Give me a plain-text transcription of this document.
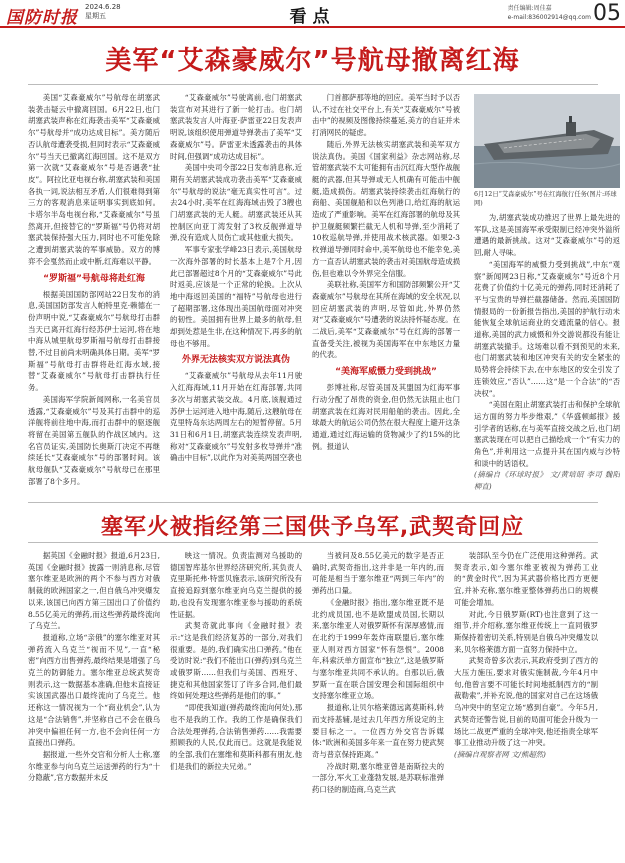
国防时报
2024.6.28
星期五	看点	责任编辑:周佳嘉
e-mail:836002914@qq.com 05
美军“艾森豪威尔”号航母撤离红海

美国“艾森豪威尔”号航母在胡塞武装袭击疑云中撤离回国。6月22日,也门胡塞武装声称在红海袭击美军“艾森豪威尔”号航母并“成功达成目标”。美方随后否认航母遭袭受损,但同时表示“艾森豪威尔”号当天已撤离红海回国。这不是双方第一次就“艾森豪威尔”号是否遇袭“扯皮”。阿拉比亚电视台称,胡塞武装和美国各执一词,说法相互矛盾,人们很难得到第三方的客观消息来证明事实到底如何。卡塔尔半岛电视台称,“艾森豪威尔”号虽然离开,但接替它的“罗斯福”号仍将对胡塞武装保持强大压力,同时也不可能免除之遭到胡塞武装的军事威胁。双方的博弈不会戛然而止或中断,红海难以平静。

“罗斯福”号航母将赴红海

根据美国国防部网站22日发布的消息,美国国防部发言人帕特里克·赖德在一份声明中说,“艾森豪威尔”号航母打击群当天已离开红海行经苏伊士运河,将在地中海从城里航母罗斯福号航母打击群接替,不过目前尚未明确具体日期。美军“罗斯福”号航母打击群将赴红海水域,接替“艾森豪威尔”号航母打击群执行任务。

美国海军学院新闻网称,一名美官员透露,“艾森豪威尔”号及其打击群中的巡洋舰将前往地中海,而打击群中的驱逐舰将留在美国第五舰队的作战区域内。这名官员证实,美国防长奥斯汀决定不再继续延长“艾森豪威尔”号的部署时间。该航母舰队“艾森豪威尔”号航母已在那里部署了8个多月。

“艾森豪威尔”号驶离前,也门胡塞武装宣布对其进行了新一轮打击。也门胡塞武装发言人叶海亚·萨雷亚22日发表声明说,该组织使用弹道导弹袭击了美军“艾森豪威尔”号。萨雷亚未透露袭击的具体时间,但强调“成功达成目标”。

美国中央司令部22日发布消息称,近期有关胡塞武装成功袭击美军“艾森豪威尔”号航母的说法“毫无真实性可言”。过去24小时,美军在红海海域击毁了3艘也门胡塞武装的无人艇。胡塞武装还从其控制区向亚丁湾发射了3枚反舰弹道导弹,没有造成人员伤亡或其他重大损失。

军事专家张学峰23日表示,美国航母一次海外部署的时长基本上是7个月,因此已部署超过8个月的“艾森豪威尔”号此时返美,应该是一个正常的轮换。上次从地中海返回美国的“福特”号航母也进行了超期部署,这体现出美国航母面对冲突的韧性。美国拥有世界上最多的航母,但却到处惹是生非,在这种情况下,再多的航母也不够用。

外界无法核实双方说法真伪

“艾森豪威尔”号航母从去年11月驶入红海海域,11月开始在红海部署,共同多次与胡塞武装交战。4月底,该舰通过苏伊士运河进入地中海,随后,这艘航母在克里特岛东达两周左右的短暂停留。5月31日和6月1日,胡塞武装连续发表声明,称对“艾森豪威尔”号发射多枚导弹并“准确击中目标”,以此作为对美英两国空袭也

门首都萨那等地的回应。美军当时予以否认,不过在社交平台上,有关“艾森豪威尔”号被击中”的视频及图像持续蔓延,美方的自证并未打消网民的疑虑。

随后,外界无法核实胡塞武装和美军双方说法真伪。美国《国家利益》杂志网站称,尽管胡塞武装不太可能拥有击沉红海大型作战舰艇的武器,但其导弹或无人机确有可能击中舰艇,造成损伤。胡塞武装持续袭击红海航行的商船、美国舰船和以色列港口,给红海的航运造成了严重影响。美军在红海部署的航母及其护卫舰艇频繁拦截无人机和导弹,至少消耗了10枚巡航导弹,并使用战术核武器。如果2-3枚弹道导弹同时命中,美军航母也不能幸免,美方一直否认胡塞武装的袭击对美国航母造成损伤,但也难以令外界完全信服。

美联社称,美国军方和国防部频繁公开“艾森豪威尔”号航母在其所在海域的安全状况,以回应胡塞武装的声明,尽管如此,外界仍然对“艾森豪威尔”号遭袭的说法持怀疑态度。在二战后,美军“艾森豪威尔”号在红海的部署一直备受关注,被视为美国海军在中东地区力量的代表。

“美海军威慑力受到挑战”

彭博社称,尽管美国及其盟国为红海军事行动分配了昂贵的资金,但仍然无法阻止也门胡塞武装在红海对民用船舶的袭击。因此,全球最大的航运公司仍然在很大程度上避开这条通道,通过红海运输的货物减少了约15%的比例。报道认

为,胡塞武装成功推迟了世界上最先进的军队,这是美国海军承受限制已经冲突外溢所遭遇的最新挑战。这对“艾森豪威尔”号的返回,耐人寻味。

“美国海军的威慑力受到挑战”,中东“观察”新闻网23日称,“艾森豪威尔”号近8个月花费了价值约十亿美元的弹药,同时还消耗了平与宝贵的导弹拦截器储备。然而,美国国防情报局的一份新报告指出,美国的护航行动未能恢复全球航运商业的交通流量的信心。报道称,美国的武力威慑和外交游说都没有能让胡塞武装撤手。这场难以看不到预见的未来,也门胡塞武装和地区冲突有关的安全紧张的局势将会持续下去,在中东地区的安全引发了连锁效应,“否认”……这“是一个合法”的“否决权”。

“美国在阻止胡塞武装打击和保护全球航运方面的努力毕步维艰,”《华盛顿邮报》援引学者的话称,在与美军直接交战之后,也门胡塞武装现在可以把自己描绘成一个“有实力的角色”,并利用这一点提升其在国内威与沙特和谈中的话语权。

(摘编自《环球时报》 文/黄培昭 李司 魏阳 柳直)

6月12日“艾森豪威尔”号在红海航行任务(图片:环球网)
塞军火被指经第三国供予乌军,武契奇回应

据英国《金融时报》报道,6月23日,英国《金融时报》披露一则消息称,尽管塞尔维亚是欧洲的两个不参与西方对俄制裁的欧洲国家之一,但自俄乌冲突爆发以来,该国已向西方第三国出口了价值约8.55亿美元的弹药,而这些弹药最终流向了乌克兰。

报道称,立场“亲俄”的塞尔维亚对其弹药流入乌克兰“视而不见”,一直“秘密”向西方出售弹药,最终结果是增强了乌克兰的防御能力。塞尔维亚总统武契奇则表示,这一数据基本准确,但他未直接证实该国武器出口最终流向了乌克兰。他还称这一情况视为一个“商业机会”,认为这是“合法销售”,并坚称自己不会在俄乌冲突中偏袒任何一方,也不会向任何一方直接出口弹药。

据报道,一些外交官和分析人士称,塞尔维亚参与向乌克兰运送弹药的行为“十分隐蔽”,官方数据并未反

映这一情况。负责监测对乌援助的德国智库基尔世界经济研究所,其负责人克里斯托弗·特雷贝施表示,该研究所没有直接追踪到塞尔维亚向乌克兰提供的援助,也没有发现塞尔维亚参与援助的系统性证据。

武契奇就此事向《金融时报》表示:“这是我们经济复苏的一部分,对我们很重要。是的,我们确实出口弹药。”他在受访时说:“我们不能出口(弹药)到乌克兰或俄罗斯……但我们与美国、西班牙、捷克和其他国家签订了许多合同,他们最终如何处理这些弹药是他们的事。”

“即使我知道(弹药最终流向何处),那也不是我的工作。我的工作是确保我们合法处理弹药,合法销售弹药……我需要照顾我的人民,仅此而已。这就是我能说的全部,我们在塞维和莫斯科都有朋友,他们是我们的新拉夫兄弟。”

当被问及8.55亿美元的数字是否正确时,武契奇指出,这并非是一年内的,而可能是相当于塞尔维亚“两到三年内”的弹药出口量。

《金融时报》指出,塞尔维亚既不是北约成员国,也不是欧盟成员国,长期以来,塞尔维亚人对俄罗斯怀有深厚感情,而在北约于1999年轰炸南联盟后,塞尔维亚人则对西方国家“怀有怨恨”。2008年,科索沃单方面宣布“独立”,这是俄罗斯与塞尔维亚共同不承认的。自那以后,俄罗斯一直在联合国安理会和国际组织中支持塞尔维亚立场。

报道称,让贝尔格莱德远离莫斯科,转而支持基辅,是过去几年西方所设定的主要目标之一。一位西方外交官告诉媒体:“欧洲和美国多年来一直在努力使武契奇与普京保持距离。”

冷战时期,塞尔维亚曾是南斯拉夫的一部分,军火工业蓬勃发展,是苏联标准弹药口径的制造商,乌克兰武

装部队至今仍在广泛使用这种弹药。武契奇表示,如今塞尔维亚被视为弹药工业的“黄金时代”,因为其武器价格比西方更便宜,并补充称,塞尔维亚整体弹药出口的规模可能会增加。

对此,今日俄罗斯(RT)也注意到了这一细节,并介绍称,塞尔维亚传统上一直同俄罗斯保持着密切关系,特别是自俄乌冲突爆发以来,贝尔格莱德方面一直努力保持中立。

武契奇曾多次表示,其政府受到了西方的大压力施压,要求对俄实施制裁,今年4月中旬,他曾言要不可能长时间地抵制西方的“制裁勒索”,并补充说,他的国家对自己在这场俄乌冲突中的坚定立场“感到自豪”。今年5月,武契奇还警告说,目前的局面可能会升级为一场比二战更严重的全球冲突,他还指责全球军事工业推动升级了这一冲突。

(摘编自观察者网 文/熊超然)
